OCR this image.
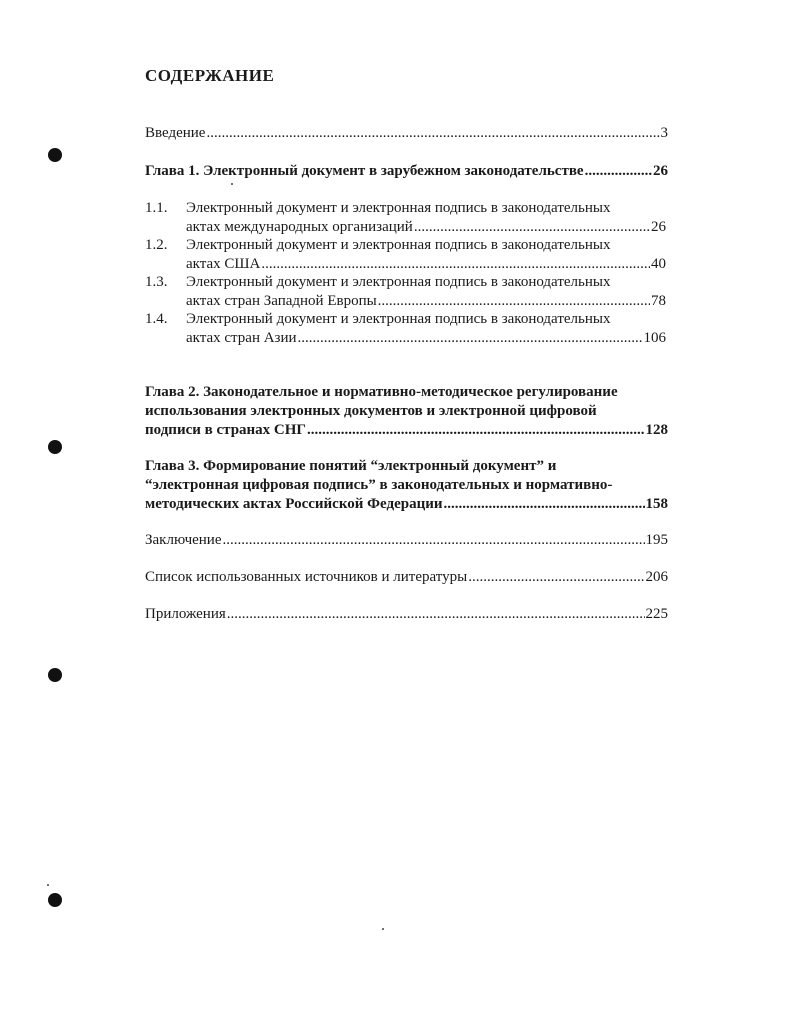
СОДЕРЖАНИЕ
Введение .....	3
Глава 1. Электронный документ в зарубежном законодательстве .....	26
1.1.	Электронный документ и электронная подпись в законодательных
актах международных организаций .....	26
1.2.	Электронный документ и электронная подпись в законодательных
актах США .....	40
1.3.	Электронный документ и электронная подпись в законодательных
актах стран Западной Европы .....	78
1.4.	Электронный документ и электронная подпись в законодательных
актах стран Азии .....	106
Глава 2. Законодательное и нормативно-методическое регулирование
использования электронных документов и электронной цифровой
подписи в странах СНГ .....	128
Глава 3. Формирование понятий “электронный документ” и
“электронная цифровая подпись” в законодательных и нормативно-
методических актах Российской Федерации .....	158
Заключение .....	195
Список использованных источников и литературы .....	206
Приложения .....	225
